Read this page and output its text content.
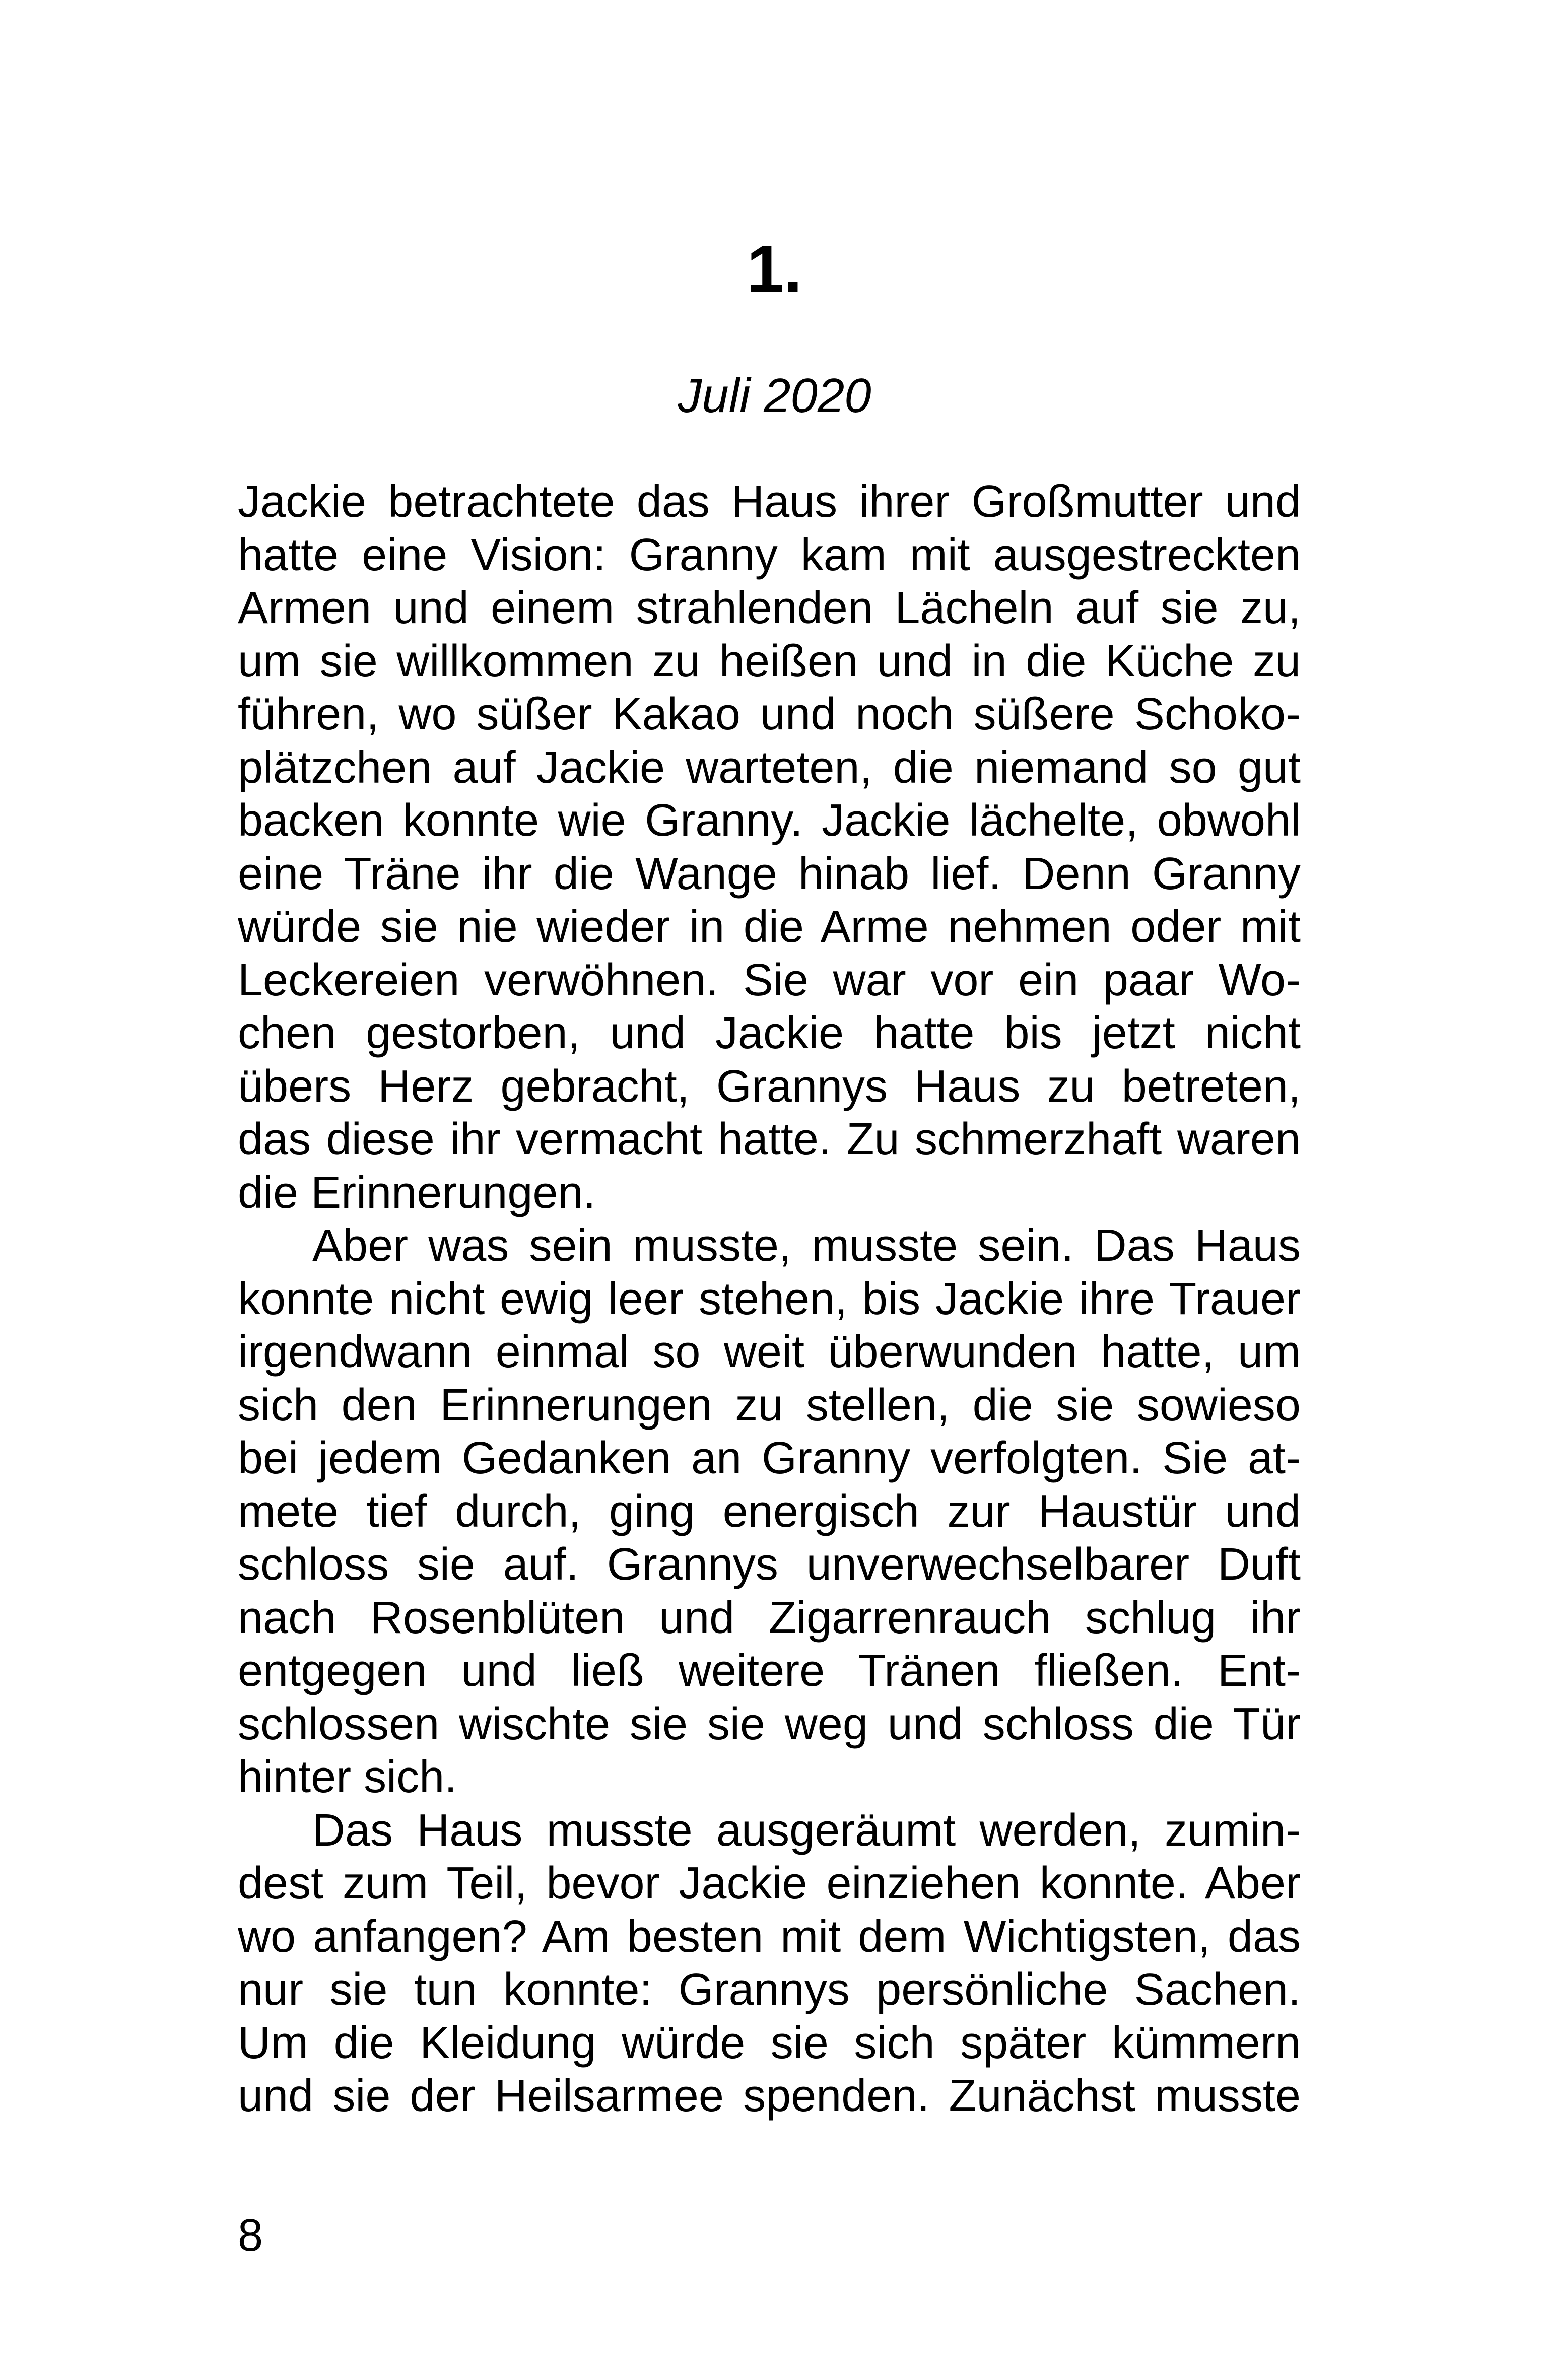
1.
Juli 2020
Jackie betrachtete das Haus ihrer Großmutter und
hatte eine Vision: Granny kam mit ausgestreckten
Armen und einem strahlenden Lächeln auf sie zu,
um sie willkommen zu heißen und in die Küche zu
führen, wo süßer Kakao und noch süßere Schoko-
plätzchen auf Jackie warteten, die niemand so gut
backen konnte wie Granny. Jackie lächelte, obwohl
eine Träne ihr die Wange hinab lief. Denn Granny
würde sie nie wieder in die Arme nehmen oder mit
Leckereien verwöhnen. Sie war vor ein paar Wo-
chen gestorben, und Jackie hatte bis jetzt nicht
übers Herz gebracht, Grannys Haus zu betreten,
das diese ihr vermacht hatte. Zu schmerzhaft waren
die Erinnerungen.
Aber was sein musste, musste sein. Das Haus
konnte nicht ewig leer stehen, bis Jackie ihre Trauer
irgendwann einmal so weit überwunden hatte, um
sich den Erinnerungen zu stellen, die sie sowieso
bei jedem Gedanken an Granny verfolgten. Sie at-
mete tief durch, ging energisch zur Haustür und
schloss sie auf. Grannys unverwechselbarer Duft
nach Rosenblüten und Zigarrenrauch schlug ihr
entgegen und ließ weitere Tränen fließen. Ent-
schlossen wischte sie sie weg und schloss die Tür
hinter sich.
Das Haus musste ausgeräumt werden, zumin-
dest zum Teil, bevor Jackie einziehen konnte. Aber
wo anfangen? Am besten mit dem Wichtigsten, das
nur sie tun konnte: Grannys persönliche Sachen.
Um die Kleidung würde sie sich später kümmern
und sie der Heilsarmee spenden. Zunächst musste
8
